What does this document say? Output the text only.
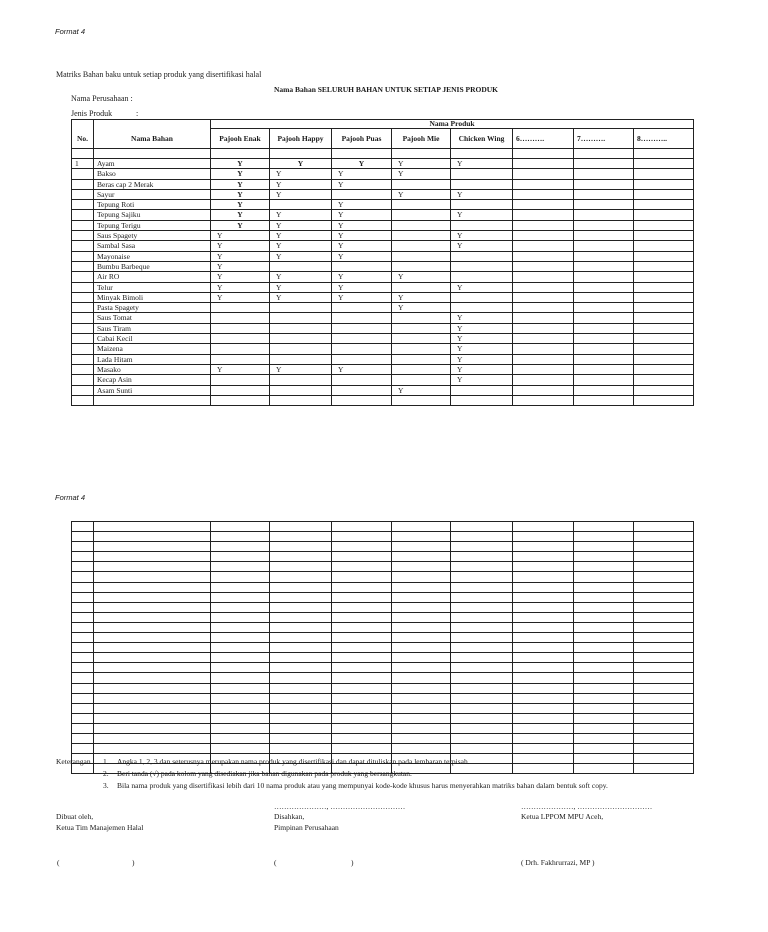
Format 4
Matriks Bahan baku untuk setiap produk yang disertifikasi halal
Nama Perusahaan :
Jenis Produk	:
Nama Bahan SELURUH BAHAN UNTUK SETIAP JENIS PRODUK
		Nama Produk							
No.	Nama Bahan	Pajooh Enak	Pajooh Happy	Pajooh Puas	Pajooh Mie	Chicken Wing	6……….	7……….	8………..

1	Ayam	Y	Y	Y	Y	Y			
	Bakso	Y	Y	Y	Y				
	Beras cap 2 Merak	Y	Y	Y					
	Sayur	Y	Y		Y	Y			
	Tepung Roti	Y		Y					
	Tepung Sajiku	Y	Y	Y		Y			
	Tepung Terigu	Y	Y	Y					
	Saus Spagety	Y	Y	Y		Y			
	Sambal Sasa	Y	Y	Y		Y			
	Mayonaise	Y	Y	Y					
	Bumbu Barbeque	Y							
	Air RO	Y	Y	Y	Y				
	Telur	Y	Y	Y		Y			
	Minyak Bimoli	Y	Y	Y	Y				
	Pasta Spagety				Y				
	Saus Tomat					Y			
	Saus Tiram					Y			
	Cabai Kecil					Y			
	Maizena					Y			
	Lada Hitam					Y			
	Masako	Y	Y	Y		Y			
	Kecap Asin					Y			
	Asam Sunti				Y				

Format 4

Keterangan : 1. Angka 1, 2, 3 dan seterusnya merupakan nama produk yang disertifikasi dan dapat dituliskan pada lembaran terpisah.
2. Beri tanda (√) pada kolom yang disediakan jika bahan digunakan pada produk yang bersangkutan.
3. Bila nama produk yang disertifikasi lebih dari 10 nama produk atau yang mempunyai kode-kode khusus harus menyerahkan matriks bahan dalam bentuk soft copy.
Dibuat oleh,
Ketua Tim Manajemen Halal
(	)
…………………, …………………………
Disahkan,
Pimpinan Perusahaan
(	)
…………………, …………………………
Ketua LPPOM MPU Aceh,
( Drh. Fakhrurrazi, MP )
